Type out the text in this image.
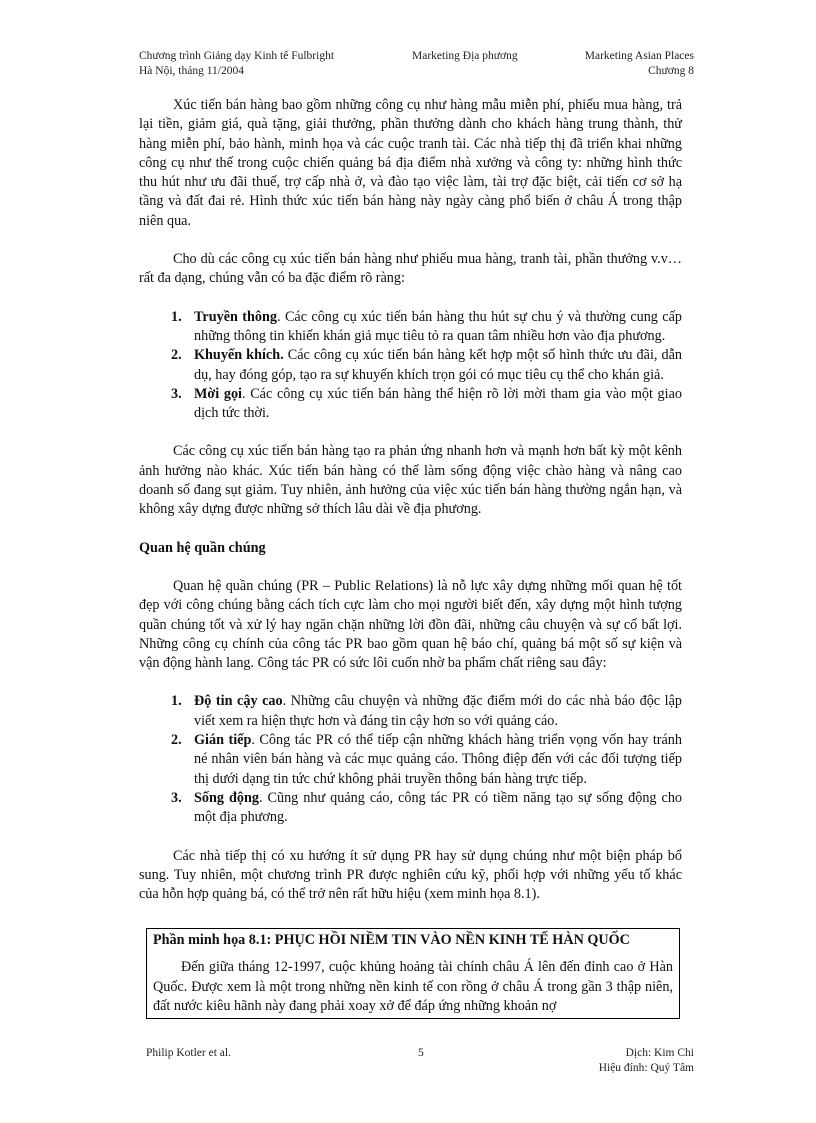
Chương trình Giảng dạy Kinh tế Fulbright
Hà Nội, tháng 11/2004
Marketing Địa phương	Marketing Asian Places
Chương 8

Xúc tiến bán hàng bao gồm những công cụ như hàng mẫu miễn phí, phiếu mua hàng, trả lại tiền, giảm giá, quà tặng, giải thưởng, phần thưởng dành cho khách hàng trung thành, thử hàng miễn phí, bảo hành, minh họa và các cuộc tranh tài. Các nhà tiếp thị đã triển khai những công cụ như thế trong cuộc chiến quảng bá địa điểm nhà xưởng và công ty: những hình thức thu hút như ưu đãi thuế, trợ cấp nhà ở, và đào tạo việc làm, tài trợ đặc biệt, cải tiến cơ sở hạ tầng và đất đai rẻ. Hình thức xúc tiến bán hàng này ngày càng phổ biến ở châu Á trong thập niên qua.

Cho dù các công cụ xúc tiến bán hàng như phiếu mua hàng, tranh tài, phần thưởng v.v… rất đa dạng, chúng vẫn có ba đặc điểm rõ ràng:

1. Truyền thông. Các công cụ xúc tiến bán hàng thu hút sự chu ý và thường cung cấp những thông tin khiến khán giả mục tiêu tỏ ra quan tâm nhiều hơn vào địa phương.
2. Khuyến khích. Các công cụ xúc tiến bán hàng kết hợp một số hình thức ưu đãi, dẫn dụ, hay đóng góp, tạo ra sự khuyến khích trọn gói có mục tiêu cụ thể cho khán giả.
3. Mời gọi. Các công cụ xúc tiến bán hàng thể hiện rõ lời mời tham gia vào một giao dịch tức thời.

Các công cụ xúc tiến bán hàng tạo ra phản ứng nhanh hơn và mạnh hơn bất kỳ một kênh ảnh hưởng nào khác. Xúc tiến bán hàng có thể làm sống động việc chào hàng và nâng cao doanh số đang sụt giảm. Tuy nhiên, ảnh hưởng của việc xúc tiến bán hàng thường ngắn hạn, và không xây dựng được những sở thích lâu dài về địa phương.

Quan hệ quần chúng

Quan hệ quần chúng (PR – Public Relations) là nỗ lực xây dựng những mối quan hệ tốt đẹp với công chúng bằng cách tích cực làm cho mọi người biết đến, xây dựng một hình tượng quần chúng tốt và xử lý hay ngăn chặn những lời đồn đãi, những câu chuyện và sự cố bất lợi. Những công cụ chính của công tác PR bao gồm quan hệ báo chí, quảng bá một số sự kiện và vận động hành lang. Công tác PR có sức lôi cuốn nhờ ba phẩm chất riêng sau đây:

1. Độ tin cậy cao. Những câu chuyện và những đặc điểm mới do các nhà báo độc lập viết xem ra hiện thực hơn và đáng tin cậy hơn so với quảng cáo.
2. Gián tiếp. Công tác PR có thể tiếp cận những khách hàng triển vọng vốn hay tránh né nhân viên bán hàng và các mục quảng cáo. Thông điệp đến với các đối tượng tiếp thị dưới dạng tin tức chứ không phải truyền thông bán hàng trực tiếp.
3. Sống động. Cũng như quảng cáo, công tác PR có tiềm năng tạo sự sống động cho một địa phương.

Các nhà tiếp thị có xu hướng ít sử dụng PR hay sử dụng chúng như một biện pháp bổ sung. Tuy nhiên, một chương trình PR được nghiên cứu kỹ, phối hợp với những yếu tố khác của hỗn hợp quảng bá, có thể trở nên rất hữu hiệu (xem minh họa 8.1).

Phần minh họa 8.1: PHỤC HỒI NIỀM TIN VÀO NỀN KINH TẾ HÀN QUỐC

Đến giữa tháng 12-1997, cuộc khủng hoảng tài chính châu Á lên đến đỉnh cao ở Hàn Quốc. Được xem là một trong những nền kinh tế con rồng ở châu Á trong gần 3 thập niên, đất nước kiêu hãnh này đang phải xoay xở để đáp ứng những khoản nợ

Philip Kotler et al.	5	Dịch: Kim Chi
Hiệu đính: Quý Tâm
